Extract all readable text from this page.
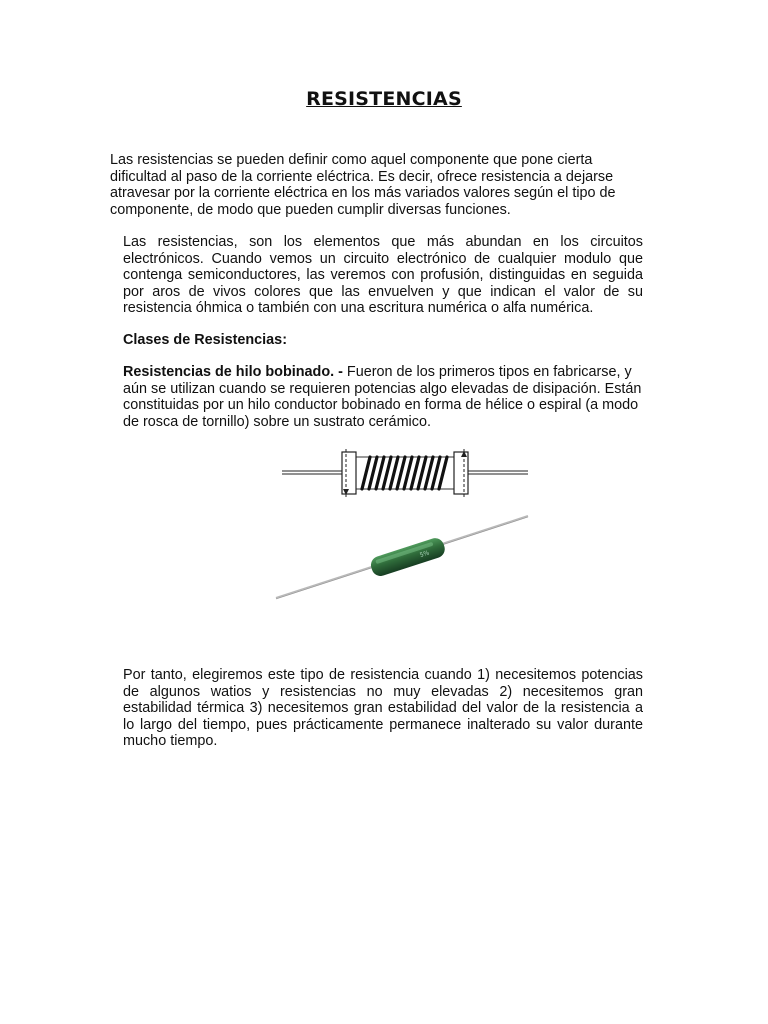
RESISTENCIAS

Las resistencias se pueden definir como aquel componente que pone cierta dificultad al paso de la corriente eléctrica. Es decir, ofrece resistencia a dejarse atravesar por la corriente eléctrica en los más variados valores según el tipo de componente, de modo que pueden cumplir diversas funciones.

Las resistencias, son los elementos que más abundan en los circuitos electrónicos. Cuando vemos un circuito electrónico de cualquier modulo que contenga semiconductores, las veremos con profusión, distinguidas en seguida por aros de vivos colores que las envuelven y que indican el valor de su resistencia óhmica o también con una escritura numérica o alfa numérica.

Clases de Resistencias:

Resistencias de hilo bobinado. - Fueron de los primeros tipos en fabricarse, y aún se utilizan cuando se requieren potencias algo elevadas de disipación. Están constituidas por un hilo conductor bobinado en forma de hélice o espiral (a modo de rosca de tornillo) sobre un sustrato cerámico.

5%

Por tanto, elegiremos este tipo de resistencia cuando 1) necesitemos potencias de algunos watios y resistencias no muy elevadas 2) necesitemos gran estabilidad térmica 3) necesitemos gran estabilidad del valor de la resistencia a lo largo del tiempo, pues prácticamente permanece inalterado su valor durante mucho tiempo.
